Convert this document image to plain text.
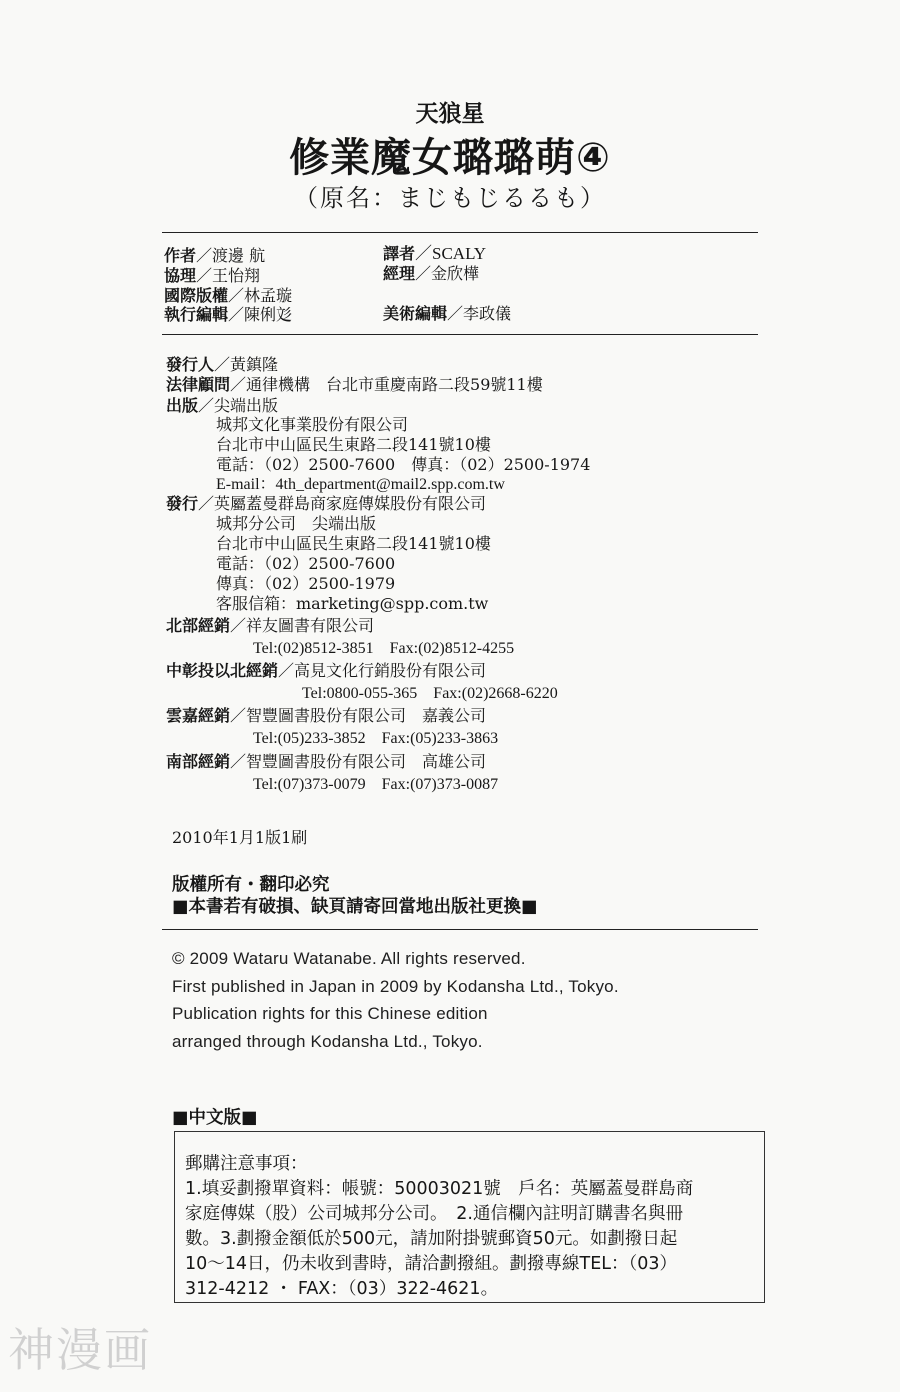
天狼星
修業魔女璐璐萌④
（原名：まじもじるるも）
作者／渡邊 航	譯者／SCALY
協理／王怡翔	經理／金欣樺
國際版權／林孟璇
執行編輯／陳俐彣	美術編輯／李政儀
發行人／黃鎮隆
法律顧問／通律機構　台北市重慶南路二段59號11樓
出版／尖端出版
城邦文化事業股份有限公司
台北市中山區民生東路二段141號10樓
電話：（02）2500-7600　傳真：（02）2500-1974
E-mail：4th_department@mail2.spp.com.tw
發行／英屬蓋曼群島商家庭傳媒股份有限公司
城邦分公司　尖端出版
台北市中山區民生東路二段141號10樓
電話：（02）2500-7600
傳真：（02）2500-1979
客服信箱：marketing@spp.com.tw
北部經銷／祥友圖書有限公司
Tel:(02)8512-3851　Fax:(02)8512-4255
中彰投以北經銷／高見文化行銷股份有限公司
Tel:0800-055-365　Fax:(02)2668-6220
雲嘉經銷／智豐圖書股份有限公司　嘉義公司
Tel:(05)233-3852　Fax:(05)233-3863
南部經銷／智豐圖書股份有限公司　高雄公司
Tel:(07)373-0079　Fax:(07)373-0087
2010年1月1版1刷
版權所有・翻印必究
■本書若有破損、缺頁請寄回當地出版社更換■
© 2009 Wataru Watanabe. All rights reserved.
First published in Japan in 2009 by Kodansha Ltd., Tokyo.
Publication rights for this Chinese edition
arranged through Kodansha Ltd., Tokyo.
■中文版■
郵購注意事項：
1.填妥劃撥單資料：帳號：50003021號　戶名：英屬蓋曼群島商
家庭傳媒（股）公司城邦分公司。　2.通信欄內註明訂購書名與冊
數。3.劃撥金額低於500元，請加附掛號郵資50元。如劃撥日起
10～14日，仍未收到書時，請洽劃撥組。劃撥專線TEL：（03）
312-4212 ・ FAX：（03）322-4621。
神漫画
